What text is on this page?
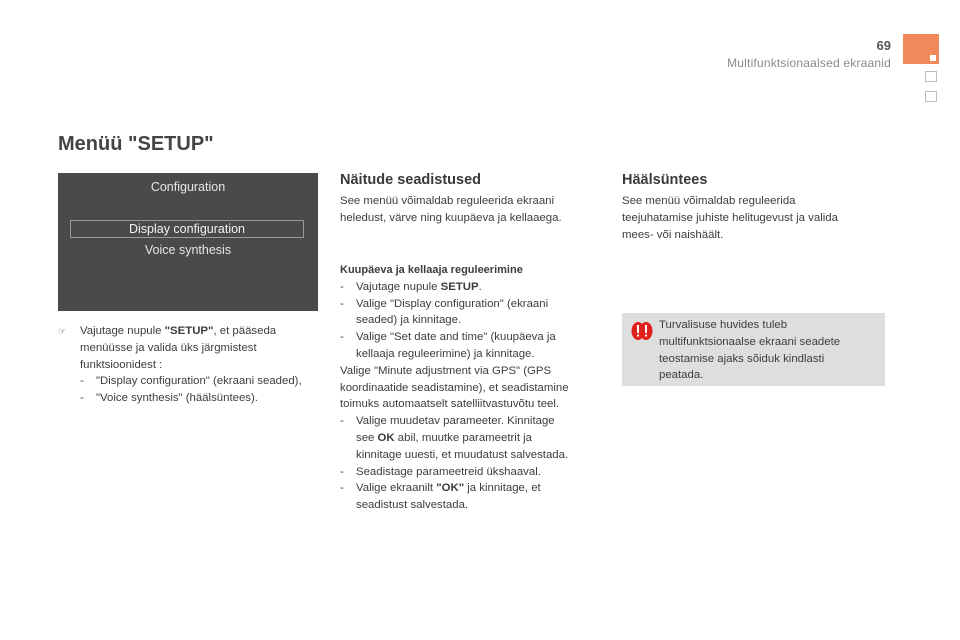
69
Multifunktsionaalsed ekraanid
Menüü "SETUP"
Configuration
Display configuration
Voice synthesis
☞ Vajutage nupule "SETUP", et pääseda
menüüsse ja valida üks järgmistest
funktsioonidest :
- "Display configuration" (ekraani seaded),
- "Voice synthesis" (häälsüntees).
Näitude seadistused
See menüü võimaldab reguleerida ekraani
heledust, värve ning kuupäeva ja kellaaega.
Kuupäeva ja kellaaja reguleerimine
- Vajutage nupule SETUP.
- Valige "Display configuration" (ekraani
seaded) ja kinnitage.
- Valige "Set date and time" (kuupäeva ja
kellaaja reguleerimine) ja kinnitage.
Valige "Minute adjustment via GPS" (GPS
koordinaatide seadistamine), et seadistamine
toimuks automaatselt satelliitvastuvõtu teel.
- Valige muudetav parameeter. Kinnitage
see OK abil, muutke parameetrit ja
kinnitage uuesti, et muudatust salvestada.
- Seadistage parameetreid ükshaaval.
- Valige ekraanilt "OK" ja kinnitage, et
seadistust salvestada.
Häälsüntees
See menüü võimaldab reguleerida
teejuhatamise juhiste helitugevust ja valida
mees- või naishäält.
Turvalisuse huvides tuleb
multifunktsionaalse ekraani seadete
teostamise ajaks sõiduk kindlasti
peatada.
